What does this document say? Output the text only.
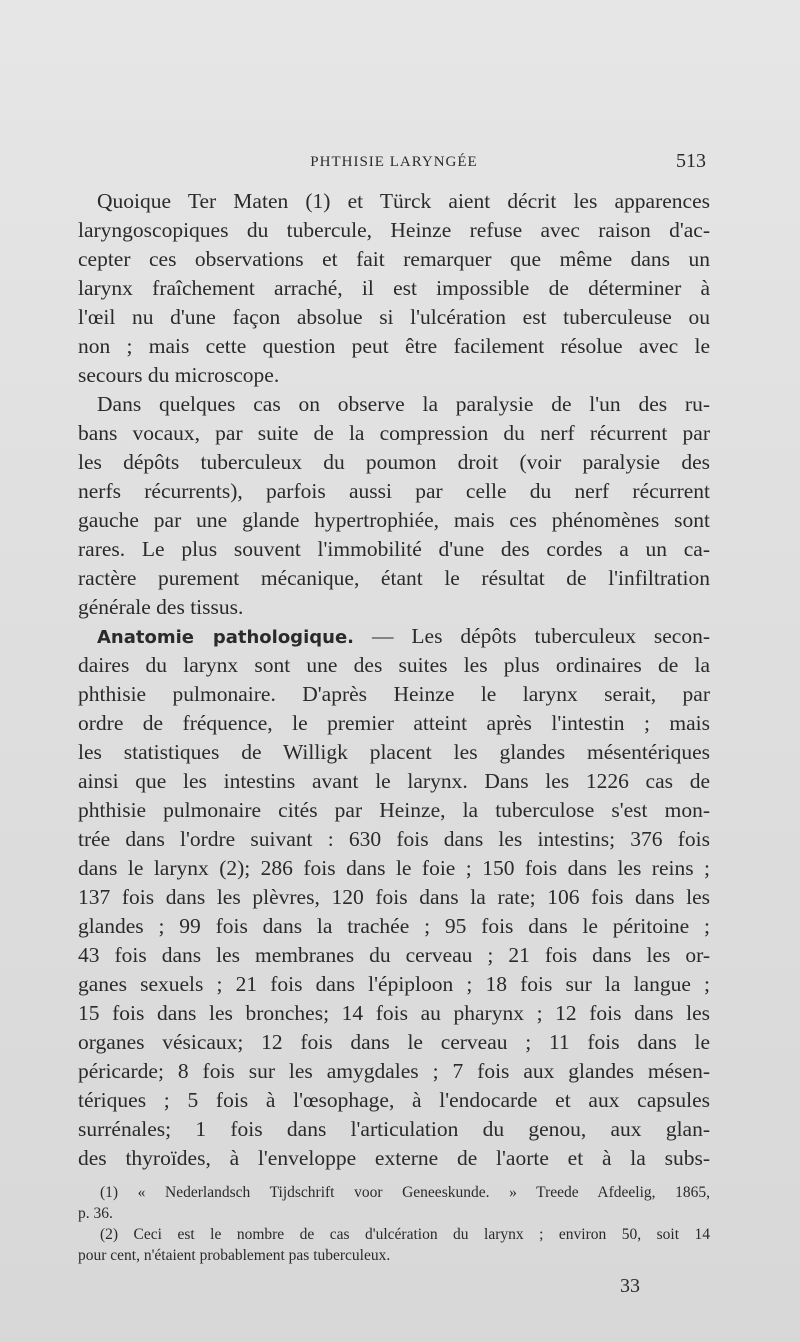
PHTHISIE LARYNGÉE	513
Quoique Ter Maten (1) et Türck aient décrit les apparences
laryngoscopiques du tubercule, Heinze refuse avec raison d'ac-
cepter ces observations et fait remarquer que même dans un
larynx fraîchement arraché, il est impossible de déterminer à
l'œil nu d'une façon absolue si l'ulcération est tuberculeuse ou
non ; mais cette question peut être facilement résolue avec le
secours du microscope.
Dans quelques cas on observe la paralysie de l'un des ru-
bans vocaux, par suite de la compression du nerf récurrent par
les dépôts tuberculeux du poumon droit (voir paralysie des
nerfs récurrents), parfois aussi par celle du nerf récurrent
gauche par une glande hypertrophiée, mais ces phénomènes sont
rares. Le plus souvent l'immobilité d'une des cordes a un ca-
ractère purement mécanique, étant le résultat de l'infiltration
générale des tissus.
Anatomie pathologique. — Les dépôts tuberculeux secon-
daires du larynx sont une des suites les plus ordinaires de la
phthisie pulmonaire. D'après Heinze le larynx serait, par
ordre de fréquence, le premier atteint après l'intestin ; mais
les statistiques de Willigk placent les glandes mésentériques
ainsi que les intestins avant le larynx. Dans les 1226 cas de
phthisie pulmonaire cités par Heinze, la tuberculose s'est mon-
trée dans l'ordre suivant : 630 fois dans les intestins; 376 fois
dans le larynx (2); 286 fois dans le foie ; 150 fois dans les reins ;
137 fois dans les plèvres, 120 fois dans la rate; 106 fois dans les
glandes ; 99 fois dans la trachée ; 95 fois dans le péritoine ;
43 fois dans les membranes du cerveau ; 21 fois dans les or-
ganes sexuels ; 21 fois dans l'épiploon ; 18 fois sur la langue ;
15 fois dans les bronches; 14 fois au pharynx ; 12 fois dans les
organes vésicaux; 12 fois dans le cerveau ; 11 fois dans le
péricarde; 8 fois sur les amygdales ; 7 fois aux glandes mésen-
tériques ; 5 fois à l'œsophage, à l'endocarde et aux capsules
surrénales; 1 fois dans l'articulation du genou, aux glan-
des thyroïdes, à l'enveloppe externe de l'aorte et à la subs-
(1) « Nederlandsch Tijdschrift voor Geneeskunde. » Treede Afdeelig, 1865,
p. 36.
(2) Ceci est le nombre de cas d'ulcération du larynx ; environ 50, soit 14
pour cent, n'étaient probablement pas tuberculeux.
33
